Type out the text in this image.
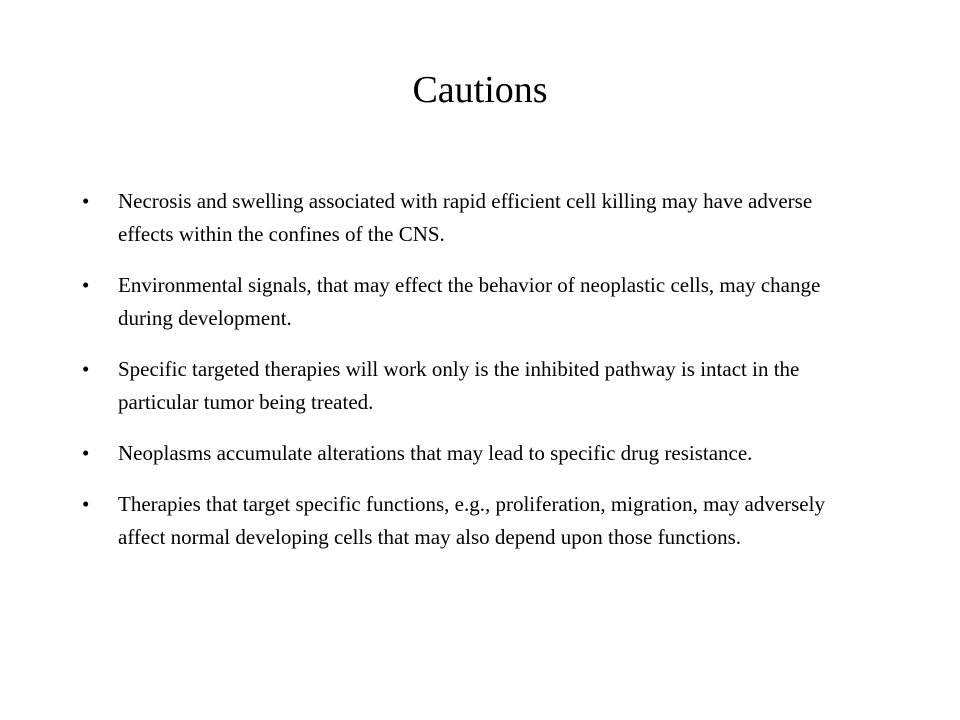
Cautions
•	Necrosis and swelling associated with rapid efficient cell killing may have adverse effects within the confines of the CNS.
•	Environmental signals, that may effect the behavior of neoplastic cells, may change during development.
•	Specific targeted therapies will work only is the inhibited pathway is intact in the particular tumor being treated.
•	Neoplasms accumulate alterations that may lead to specific drug resistance.
•	Therapies that target specific functions, e.g., proliferation, migration, may adversely affect normal developing cells that may also depend upon those functions.
